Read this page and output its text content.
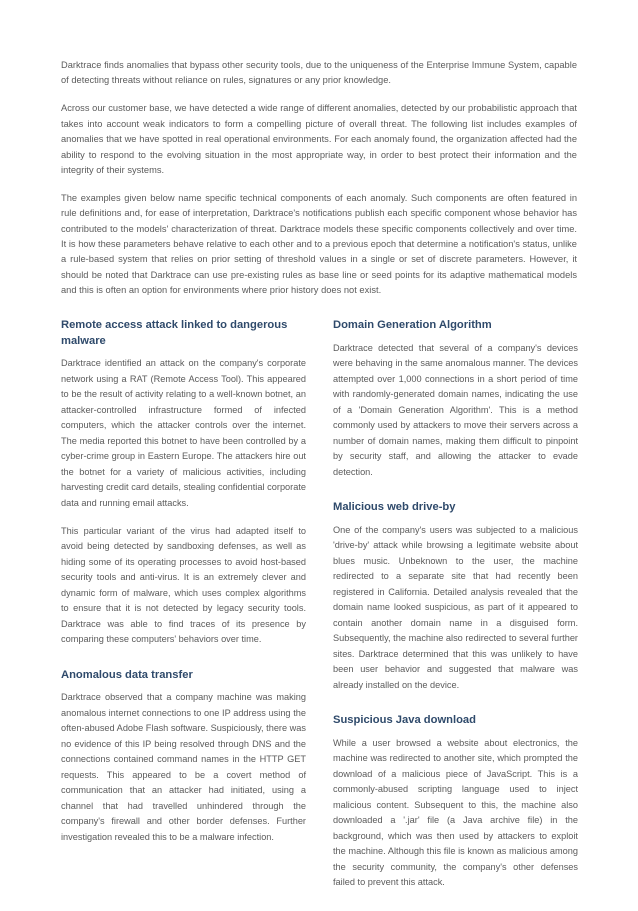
Darktrace finds anomalies that bypass other security tools, due to the uniqueness of the Enterprise Immune System, capable of detecting threats without reliance on rules, signatures or any prior knowledge.

Across our customer base, we have detected a wide range of different anomalies, detected by our probabilistic approach that takes into account weak indicators to form a compelling picture of overall threat. The following list includes examples of anomalies that we have spotted in real operational environments. For each anomaly found, the organization affected had the ability to respond to the evolving situation in the most appropriate way, in order to best protect their information and the integrity of their systems.

The examples given below name specific technical components of each anomaly. Such components are often featured in rule definitions and, for ease of interpretation, Darktrace's notifications publish each specific component whose behavior has contributed to the models' characterization of threat. Darktrace models these specific components collectively and over time. It is how these parameters behave relative to each other and to a previous epoch that determine a notification's status, unlike a rule-based system that relies on prior setting of threshold values in a single or set of discrete parameters. However, it should be noted that Darktrace can use pre-existing rules as base line or seed points for its adaptive mathematical models and this is often an option for environments where prior history does not exist.

Remote access attack linked to dangerous malware

Darktrace identified an attack on the company's corporate network using a RAT (Remote Access Tool). This appeared to be the result of activity relating to a well-known botnet, an attacker-controlled infrastructure formed of infected computers, which the attacker controls over the internet. The media reported this botnet to have been controlled by a cyber-crime group in Eastern Europe. The attackers hire out the botnet for a variety of malicious activities, including harvesting credit card details, stealing confidential corporate data and running email attacks.

This particular variant of the virus had adapted itself to avoid being detected by sandboxing defenses, as well as hiding some of its operating processes to avoid host-based security tools and anti-virus. It is an extremely clever and dynamic form of malware, which uses complex algorithms to ensure that it is not detected by legacy security tools. Darktrace was able to find traces of its presence by comparing these computers' behaviors over time.

Anomalous data transfer

Darktrace observed that a company machine was making anomalous internet connections to one IP address using the often-abused Adobe Flash software. Suspiciously, there was no evidence of this IP being resolved through DNS and the connections contained command names in the HTTP GET requests. This appeared to be a covert method of communication that an attacker had initiated, using a channel that had travelled unhindered through the company's firewall and other border defenses. Further investigation revealed this to be a malware infection.

Domain Generation Algorithm

Darktrace detected that several of a company's devices were behaving in the same anomalous manner. The devices attempted over 1,000 connections in a short period of time with randomly-generated domain names, indicating the use of a 'Domain Generation Algorithm'. This is a method commonly used by attackers to move their servers across a number of domain names, making them difficult to pinpoint by security staff, and allowing the attacker to evade detection.

Malicious web drive-by

One of the company's users was subjected to a malicious 'drive-by' attack while browsing a legitimate website about blues music. Unbeknown to the user, the machine redirected to a separate site that had recently been registered in California. Detailed analysis revealed that the domain name looked suspicious, as part of it appeared to contain another domain name in a disguised form. Subsequently, the machine also redirected to several further sites. Darktrace determined that this was unlikely to have been user behavior and suggested that malware was already installed on the device.

Suspicious Java download

While a user browsed a website about electronics, the machine was redirected to another site, which prompted the download of a malicious piece of JavaScript. This is a commonly-abused scripting language used to inject malicious content. Subsequent to this, the machine also downloaded a '.jar' file (a Java archive file) in the background, which was then used by attackers to exploit the machine. Although this file is known as malicious among the security community, the company's other defenses failed to prevent this attack.
